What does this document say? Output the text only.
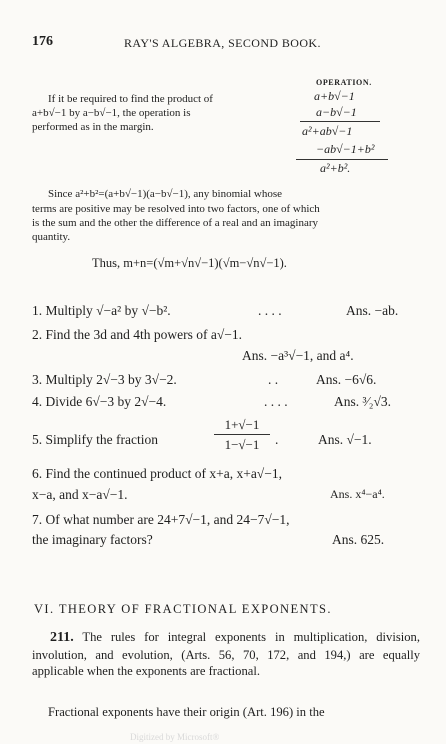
176	RAY'S ALGEBRA, SECOND BOOK.
OPERATION.
If it be required to find the product of
a+b√−1 by a−b√−1, the operation is
performed as in the margin.
a+b√−1
a−b√−1
a²+ab√−1
−ab√−1+b²
a²+b².
Since a²+b²=(a+b√−1)(a−b√−1), any binomial whose
terms are positive may be resolved into two factors, one of which
is the sum and the other the difference of a real and an imaginary
quantity.
Thus, m+n=(√m+√n√−1)(√m−√n√−1).
1. Multiply √−a² by √−b².	. . . .	Ans. −ab.
2. Find the 3d and 4th powers of a√−1.
Ans. −a³√−1, and a⁴.
3. Multiply 2√−3 by 3√−2.	. .	Ans. −6√6.
4. Divide 6√−3 by 2√−4.	. . . .	Ans. ³⁄₂√3.
5. Simplify the fraction
1+√−1
1−√−1	.	Ans. √−1.
6. Find the continued product of x+a, x+a√−1,
x−a, and x−a√−1.	Ans. x⁴−a⁴.
7. Of what number are 24+7√−1, and 24−7√−1,
the imaginary factors?	Ans. 625.
VI. THEORY OF FRACTIONAL EXPONENTS.
211. The rules for integral exponents in multiplication, division, involution, and evolution, (Arts. 56, 70, 172, and 194,) are equally applicable when the exponents are fractional.
Fractional exponents have their origin (Art. 196) in the
Digitized by Microsoft®
